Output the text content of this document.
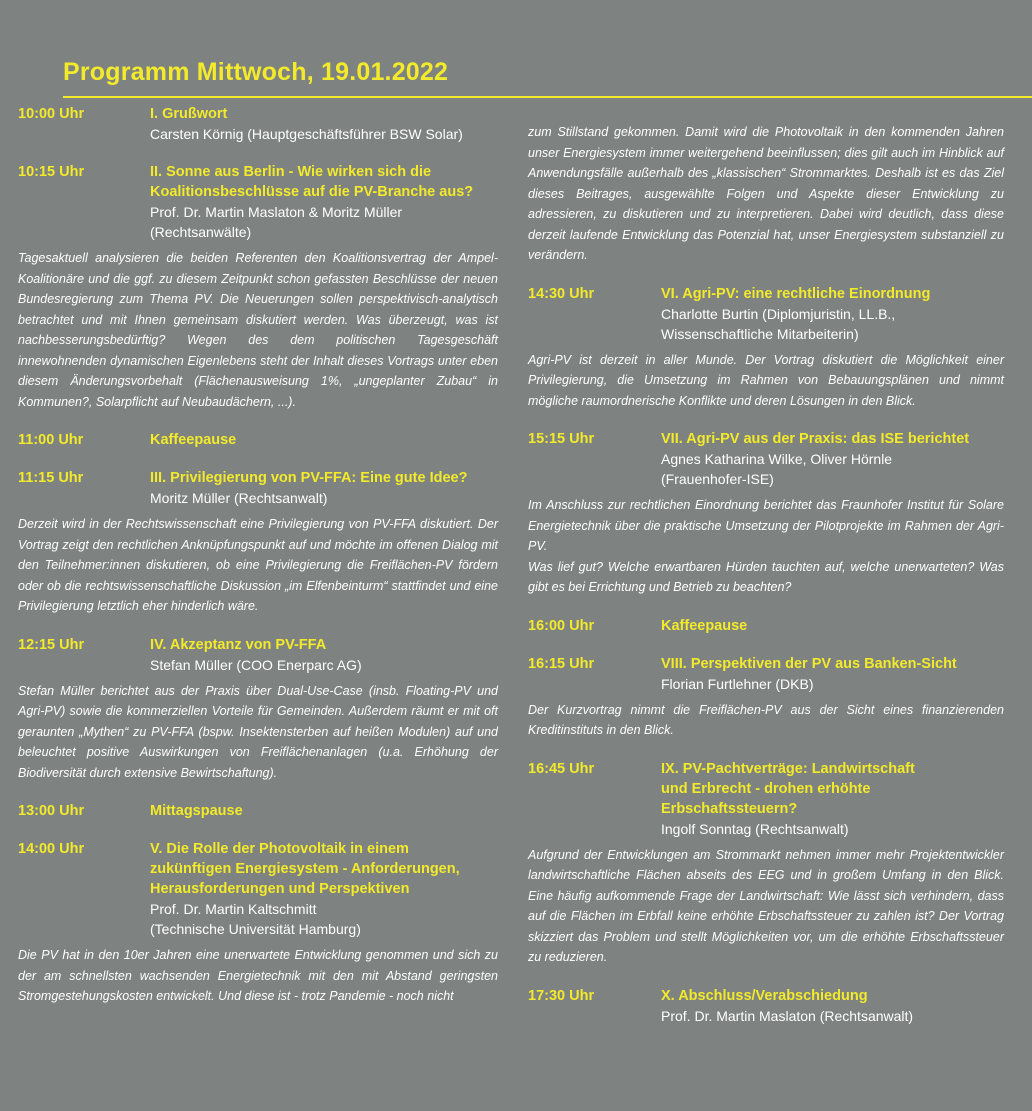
Programm Mittwoch, 19.01.2022
10:00 Uhr	I. Grußwort
Carsten Körnig (Hauptgeschäftsführer BSW Solar)
10:15 Uhr	II. Sonne aus Berlin - Wie wirken sich die Koalitionsbeschlüsse auf die PV-Branche aus?
Prof. Dr. Martin Maslaton & Moritz Müller
(Rechtsanwälte)

Tagesaktuell analysieren die beiden Referenten den Koalitionsvertrag der Ampel-Koalitionäre und die ggf. zu diesem Zeitpunkt schon gefassten Beschlüsse der neuen Bundesregierung zum Thema PV. Die Neuerungen sollen perspektivisch-analytisch betrachtet und mit Ihnen gemeinsam diskutiert werden. Was überzeugt, was ist nachbesserungsbedürftig? Wegen des dem politischen Tagesgeschäft innewohnenden dynamischen Eigenlebens steht der Inhalt dieses Vortrags unter eben diesem Änderungsvorbehalt (Flächenausweisung 1%, „ungeplanter Zubau“ in Kommunen?, Solarpflicht auf Neubaudächern, ...).

11:00 Uhr	Kaffeepause
11:15 Uhr	III. Privilegierung von PV-FFA: Eine gute Idee?
Moritz Müller (Rechtsanwalt)

Derzeit wird in der Rechtswissenschaft eine Privilegierung von PV-FFA diskutiert. Der Vortrag zeigt den rechtlichen Anknüpfungspunkt auf und möchte im offenen Dialog mit den Teilnehmer:innen diskutieren, ob eine Privilegierung die Freiflächen-PV fördern oder ob die rechtswissenschaftliche Diskussion „im Elfenbeinturm“ stattfindet und eine Privilegierung letztlich eher hinderlich wäre.

12:15 Uhr	IV. Akzeptanz von PV-FFA
Stefan Müller (COO Enerparc AG)

Stefan Müller berichtet aus der Praxis über Dual-Use-Case (insb. Floating-PV und Agri-PV) sowie die kommerziellen Vorteile für Gemeinden. Außerdem räumt er mit oft geraunten „Mythen“ zu PV-FFA (bspw. Insektensterben auf heißen Modulen) auf und beleuchtet positive Auswirkungen von Freiflächenanlagen (u.a. Erhöhung der Biodiversität durch extensive Bewirtschaftung).

13:00 Uhr	Mittagspause
14:00 Uhr	V. Die Rolle der Photovoltaik in einem zukünftigen Energiesystem - Anforderungen, Herausforderungen und Perspektiven
Prof. Dr. Martin Kaltschmitt
(Technische Universität Hamburg)

Die PV hat in den 10er Jahren eine unerwartete Entwicklung genommen und sich zu der am schnellsten wachsenden Energietechnik mit den mit Abstand geringsten Stromgestehungskosten entwickelt. Und diese ist - trotz Pandemie - noch nicht

zum Stillstand gekommen. Damit wird die Photovoltaik in den kommenden Jahren unser Energiesystem immer weitergehend beeinflussen; dies gilt auch im Hinblick auf Anwendungsfälle außerhalb des „klassischen“ Strommarktes. Deshalb ist es das Ziel dieses Beitrages, ausgewählte Folgen und Aspekte dieser Entwicklung zu adressieren, zu diskutieren und zu interpretieren. Dabei wird deutlich, dass diese derzeit laufende Entwicklung das Potenzial hat, unser Energiesystem substanziell zu verändern.

14:30 Uhr	VI. Agri-PV: eine rechtliche Einordnung
Charlotte Burtin (Diplomjuristin, LL.B.,
Wissenschaftliche Mitarbeiterin)

Agri-PV ist derzeit in aller Munde. Der Vortrag diskutiert die Möglichkeit einer Privilegierung, die Umsetzung im Rahmen von Bebauungsplänen und nimmt mögliche raumordnerische Konflikte und deren Lösungen in den Blick.

15:15 Uhr	VII. Agri-PV aus der Praxis: das ISE berichtet
Agnes Katharina Wilke, Oliver Hörnle
(Frauenhofer-ISE)

Im Anschluss zur rechtlichen Einordnung berichtet das Fraunhofer Institut für Solare Energietechnik über die praktische Umsetzung der Pilotprojekte im Rahmen der Agri-PV.

Was lief gut? Welche erwartbaren Hürden tauchten auf, welche unerwarteten? Was gibt es bei Errichtung und Betrieb zu beachten?

16:00 Uhr	Kaffeepause
16:15 Uhr	VIII. Perspektiven der PV aus Banken-Sicht
Florian Furtlehner (DKB)

Der Kurzvortrag nimmt die Freiflächen-PV aus der Sicht eines finanzierenden Kreditinstituts in den Blick.

16:45 Uhr	IX. PV-Pachtverträge: Landwirtschaft
und Erbrecht - drohen erhöhte Erbschaftssteuern?
Ingolf Sonntag (Rechtsanwalt)

Aufgrund der Entwicklungen am Strommarkt nehmen immer mehr Projektentwickler landwirtschaftliche Flächen abseits des EEG und in großem Umfang in den Blick. Eine häufig aufkommende Frage der Landwirtschaft: Wie lässt sich verhindern, dass auf die Flächen im Erbfall keine erhöhte Erbschaftssteuer zu zahlen ist? Der Vortrag skizziert das Problem und stellt Möglichkeiten vor, um die erhöhte Erbschaftssteuer zu reduzieren.

17:30 Uhr	X. Abschluss/Verabschiedung
Prof. Dr. Martin Maslaton (Rechtsanwalt)
